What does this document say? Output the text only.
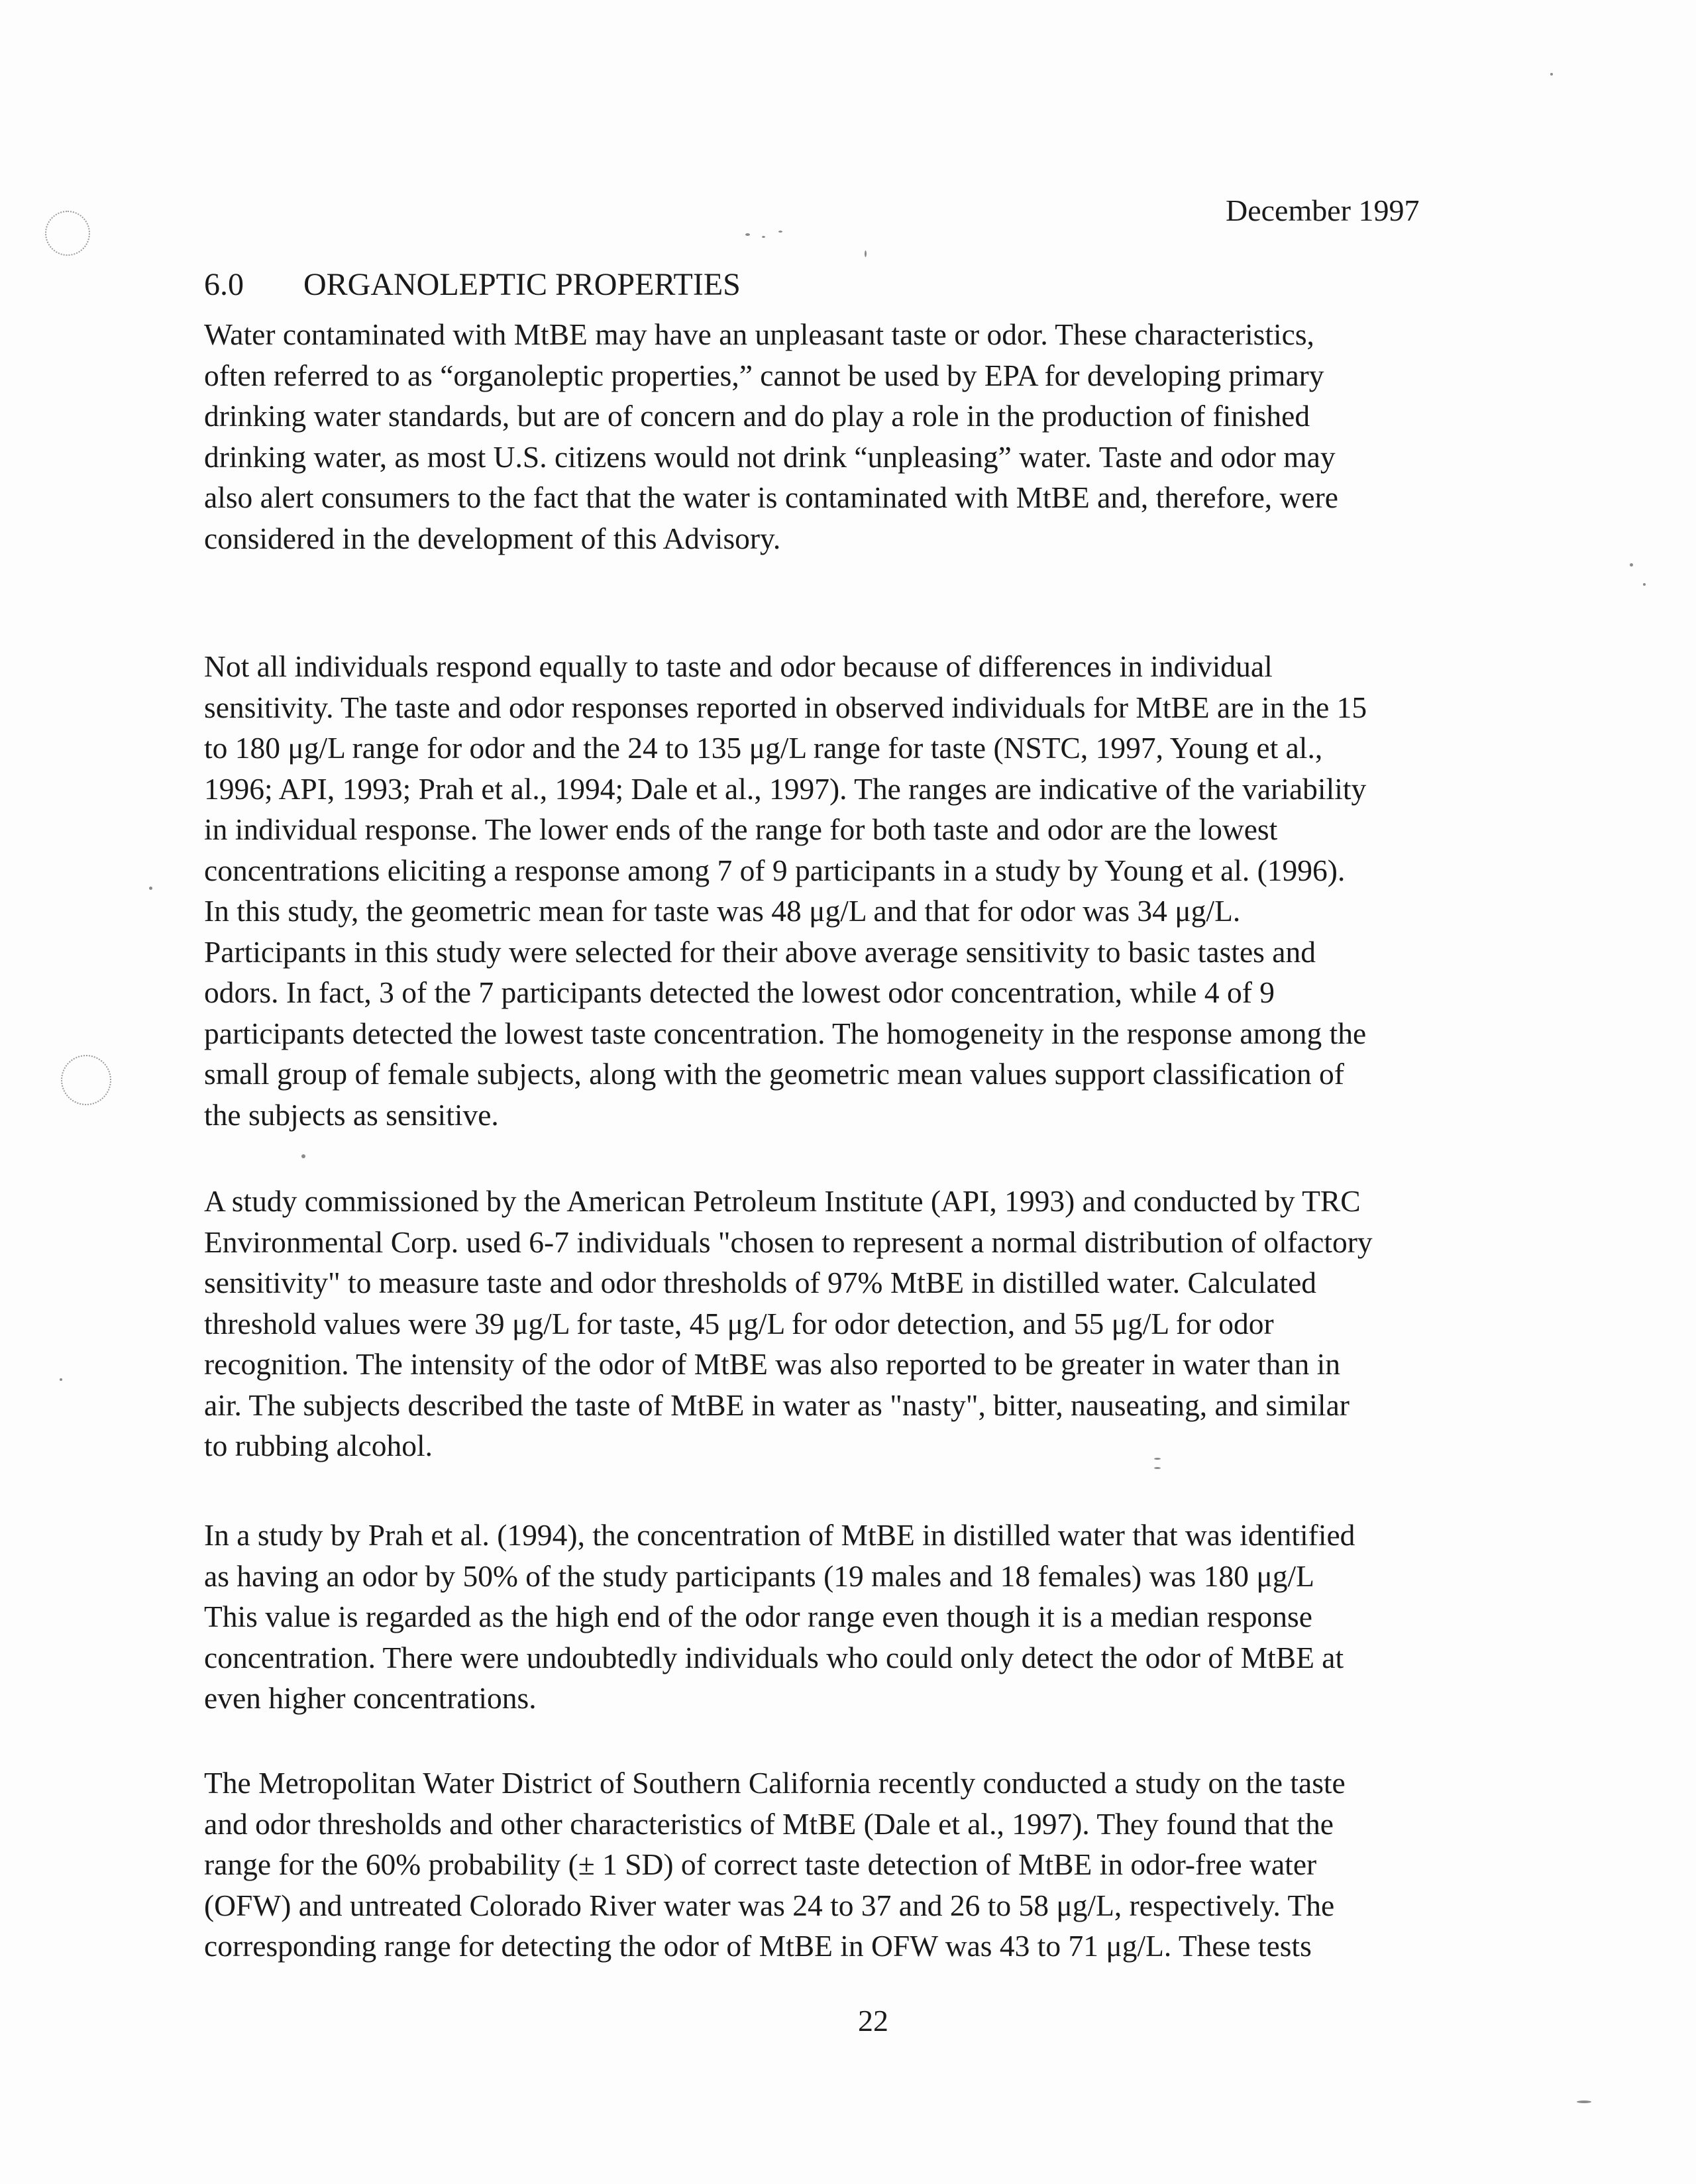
December 1997
6.0 ORGANOLEPTIC PROPERTIES
Water contaminated with MtBE may have an unpleasant taste or odor. These characteristics,
often referred to as “organoleptic properties,” cannot be used by EPA for developing primary
drinking water standards, but are of concern and do play a role in the production of finished
drinking water, as most U.S. citizens would not drink “unpleasing” water. Taste and odor may
also alert consumers to the fact that the water is contaminated with MtBE and, therefore, were
considered in the development of this Advisory.
Not all individuals respond equally to taste and odor because of differences in individual
sensitivity. The taste and odor responses reported in observed individuals for MtBE are in the 15
to 180 μg/L range for odor and the 24 to 135 μg/L range for taste (NSTC, 1997, Young et al.,
1996; API, 1993; Prah et al., 1994; Dale et al., 1997). The ranges are indicative of the variability
in individual response. The lower ends of the range for both taste and odor are the lowest
concentrations eliciting a response among 7 of 9 participants in a study by Young et al. (1996).
In this study, the geometric mean for taste was 48 μg/L and that for odor was 34 μg/L.
Participants in this study were selected for their above average sensitivity to basic tastes and
odors. In fact, 3 of the 7 participants detected the lowest odor concentration, while 4 of 9
participants detected the lowest taste concentration. The homogeneity in the response among the
small group of female subjects, along with the geometric mean values support classification of
the subjects as sensitive.
A study commissioned by the American Petroleum Institute (API, 1993) and conducted by TRC
Environmental Corp. used 6-7 individuals "chosen to represent a normal distribution of olfactory
sensitivity" to measure taste and odor thresholds of 97% MtBE in distilled water. Calculated
threshold values were 39 μg/L for taste, 45 μg/L for odor detection, and 55 μg/L for odor
recognition. The intensity of the odor of MtBE was also reported to be greater in water than in
air. The subjects described the taste of MtBE in water as "nasty", bitter, nauseating, and similar
to rubbing alcohol.
In a study by Prah et al. (1994), the concentration of MtBE in distilled water that was identified
as having an odor by 50% of the study participants (19 males and 18 females) was 180 μg/L
This value is regarded as the high end of the odor range even though it is a median response
concentration. There were undoubtedly individuals who could only detect the odor of MtBE at
even higher concentrations.
The Metropolitan Water District of Southern California recently conducted a study on the taste
and odor thresholds and other characteristics of MtBE (Dale et al., 1997). They found that the
range for the 60% probability (± 1 SD) of correct taste detection of MtBE in odor-free water
(OFW) and untreated Colorado River water was 24 to 37 and 26 to 58 μg/L, respectively. The
corresponding range for detecting the odor of MtBE in OFW was 43 to 71 μg/L. These tests
22
